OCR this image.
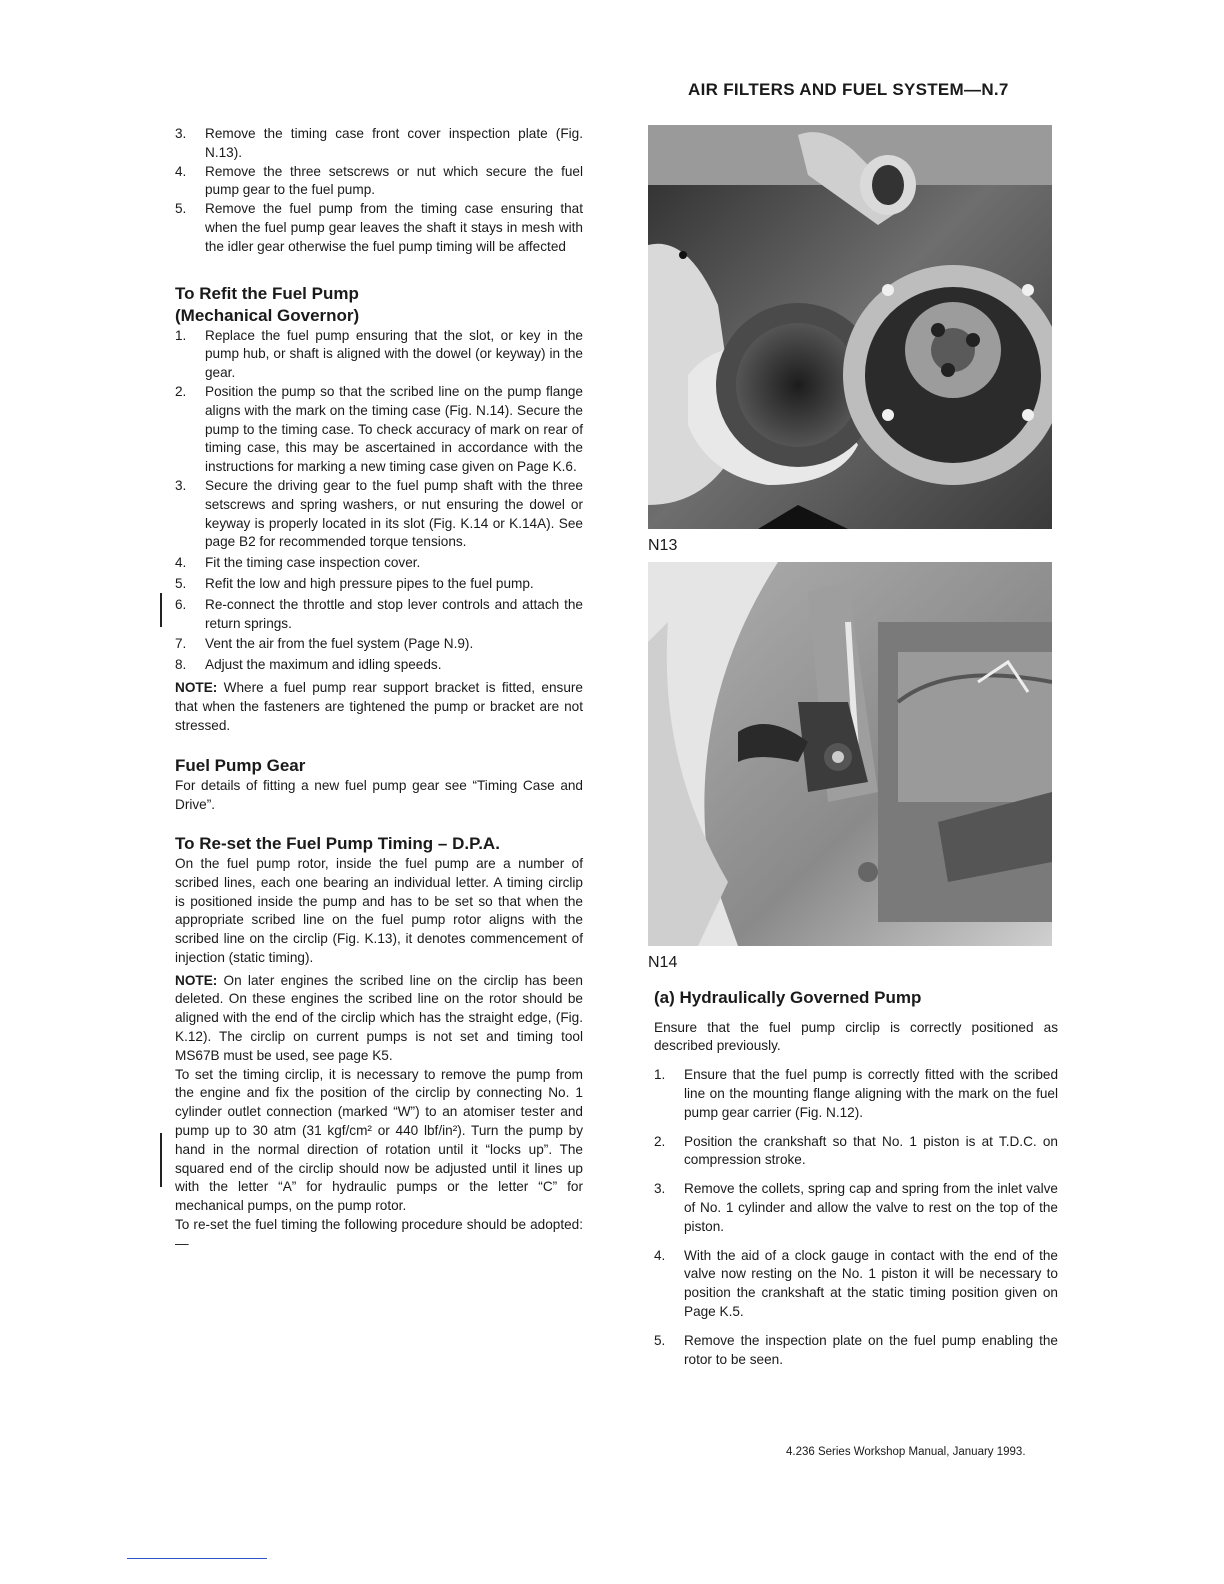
AIR FILTERS AND FUEL SYSTEM—N.7
3.	Remove the timing case front cover inspection plate (Fig. N.13).
4.	Remove the three setscrews or nut which secure the fuel pump gear to the fuel pump.
5.	Remove the fuel pump from the timing case ensuring that when the fuel pump gear leaves the shaft it stays in mesh with the idler gear otherwise the fuel pump timing will be affected
To Refit the Fuel Pump
(Mechanical Governor)
1.	Replace the fuel pump ensuring that the slot, or key in the pump hub, or shaft is aligned with the dowel (or keyway) in the gear.
2.	Position the pump so that the scribed line on the pump flange aligns with the mark on the timing case (Fig. N.14). Secure the pump to the timing case. To check accuracy of mark on rear of timing case, this may be ascertained in accordance with the instructions for marking a new timing case given on Page K.6.
3.	Secure the driving gear to the fuel pump shaft with the three setscrews and spring washers, or nut ensuring the dowel or keyway is properly located in its slot (Fig. K.14 or K.14A). See page B2 for recommended torque tensions.
4.	Fit the timing case inspection cover.
5.	Refit the low and high pressure pipes to the fuel pump.
6.	Re-connect the throttle and stop lever controls and attach the return springs.
7.	Vent the air from the fuel system (Page N.9).
8.	Adjust the maximum and idling speeds.
NOTE: Where a fuel pump rear support bracket is fitted, ensure that when the fasteners are tightened the pump or bracket are not stressed.
Fuel Pump Gear
For details of fitting a new fuel pump gear see “Timing Case and Drive”.
To Re-set the Fuel Pump Timing – D.P.A.
On the fuel pump rotor, inside the fuel pump are a number of scribed lines, each one bearing an individual letter. A timing circlip is positioned inside the pump and has to be set so that when the appropriate scribed line on the fuel pump rotor aligns with the scribed line on the circlip (Fig. K.13), it denotes commencement of injection (static timing).
NOTE: On later engines the scribed line on the circlip has been deleted. On these engines the scribed line on the rotor should be aligned with the end of the circlip which has the straight edge, (Fig. K.12). The circlip on current pumps is not set and timing tool MS67B must be used, see page K5.
To set the timing circlip, it is necessary to remove the pump from the engine and fix the position of the circlip by connecting No. 1 cylinder outlet connection (marked “W”) to an atomiser tester and pump up to 30 atm (31 kgf/cm² or 440 lbf/in²). Turn the pump by hand in the normal direction of rotation until it “locks up”. The squared end of the circlip should now be adjusted until it lines up with the letter “A” for hydraulic pumps or the letter “C” for mechanical pumps, on the pump rotor.
To re-set the fuel timing the following procedure should be adopted:—
N13
N14
(a) Hydraulically Governed Pump
Ensure that the fuel pump circlip is correctly positioned as described previously.
1.	Ensure that the fuel pump is correctly fitted with the scribed line on the mounting flange aligning with the mark on the fuel pump gear carrier (Fig. N.12).
2.	Position the crankshaft so that No. 1 piston is at T.D.C. on compression stroke.
3.	Remove the collets, spring cap and spring from the inlet valve of No. 1 cylinder and allow the valve to rest on the top of the piston.
4.	With the aid of a clock gauge in contact with the end of the valve now resting on the No. 1 piston it will be necessary to position the crankshaft at the static timing position given on Page K.5.
5.	Remove the inspection plate on the fuel pump enabling the rotor to be seen.
4.236 Series Workshop Manual, January 1993.
